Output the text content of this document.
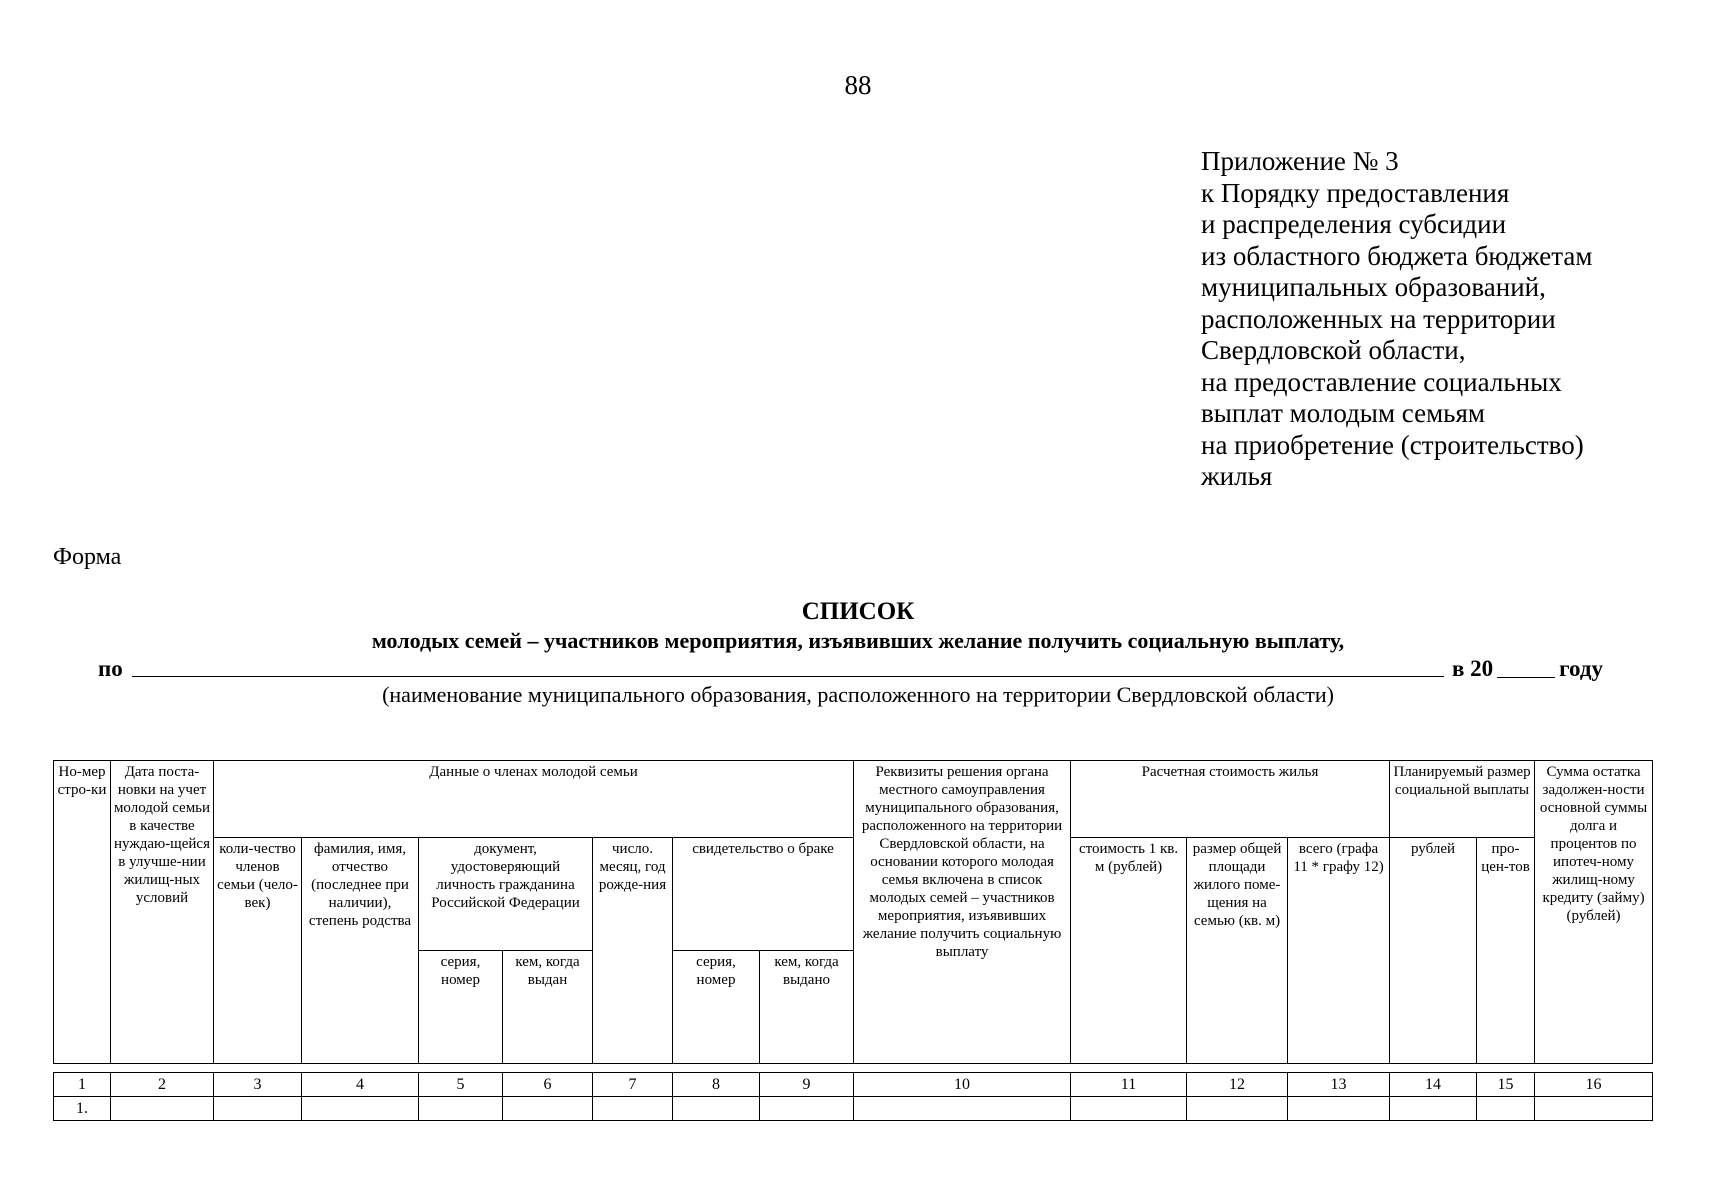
88
Приложение № 3
к Порядку предоставления
и распределения субсидии
из областного бюджета бюджетам
муниципальных образований,
расположенных на территории
Свердловской области,
на предоставление социальных
выплат молодым семьям
на приобретение (строительство)
жилья
Форма
СПИСОК
молодых семей – участников мероприятия, изъявивших желание получить социальную выплату,
по	в 20	году
(наименование муниципального образования, расположенного на территории Свердловской области)
Но-мер стро-ки	Дата поста-новки на учет молодой семьи в качестве нуждаю-щейся в улучше-нии жилищ-ных условий	Данные о членах молодой семьи							Реквизиты решения органа местного самоуправления муниципального образования, расположенного на территории Свердловской области, на основании которого молодая семья включена в список молодых семей – участников мероприятия, изъявивших желание получить социальную выплату	Расчетная стоимость жилья			Планируемый размер социальной выплаты		Сумма остатка задолжен-ности основной суммы долга и процентов по ипотеч-ному жилищ-ному кредиту (займу) (рублей)
		коли-чество членов семьи (чело-век)	фамилия, имя, отчество (последнее при наличии), степень родства	документ, удостоверяющий личность гражданина Российской Федерации		число. месяц, год рожде-ния	свидетельство о браке			стоимость 1 кв. м (рублей)	размер общей площади жилого поме-щения на семью (кв. м)	всего (графа 11 * графу 12)	рублей	про-цен-тов	
				серия, номер	кем, когда выдан		серия, номер	кем, когда выдано							
1	2	3	4	5	6	7	8	9	10	11	12	13	14	15	16
1.															
